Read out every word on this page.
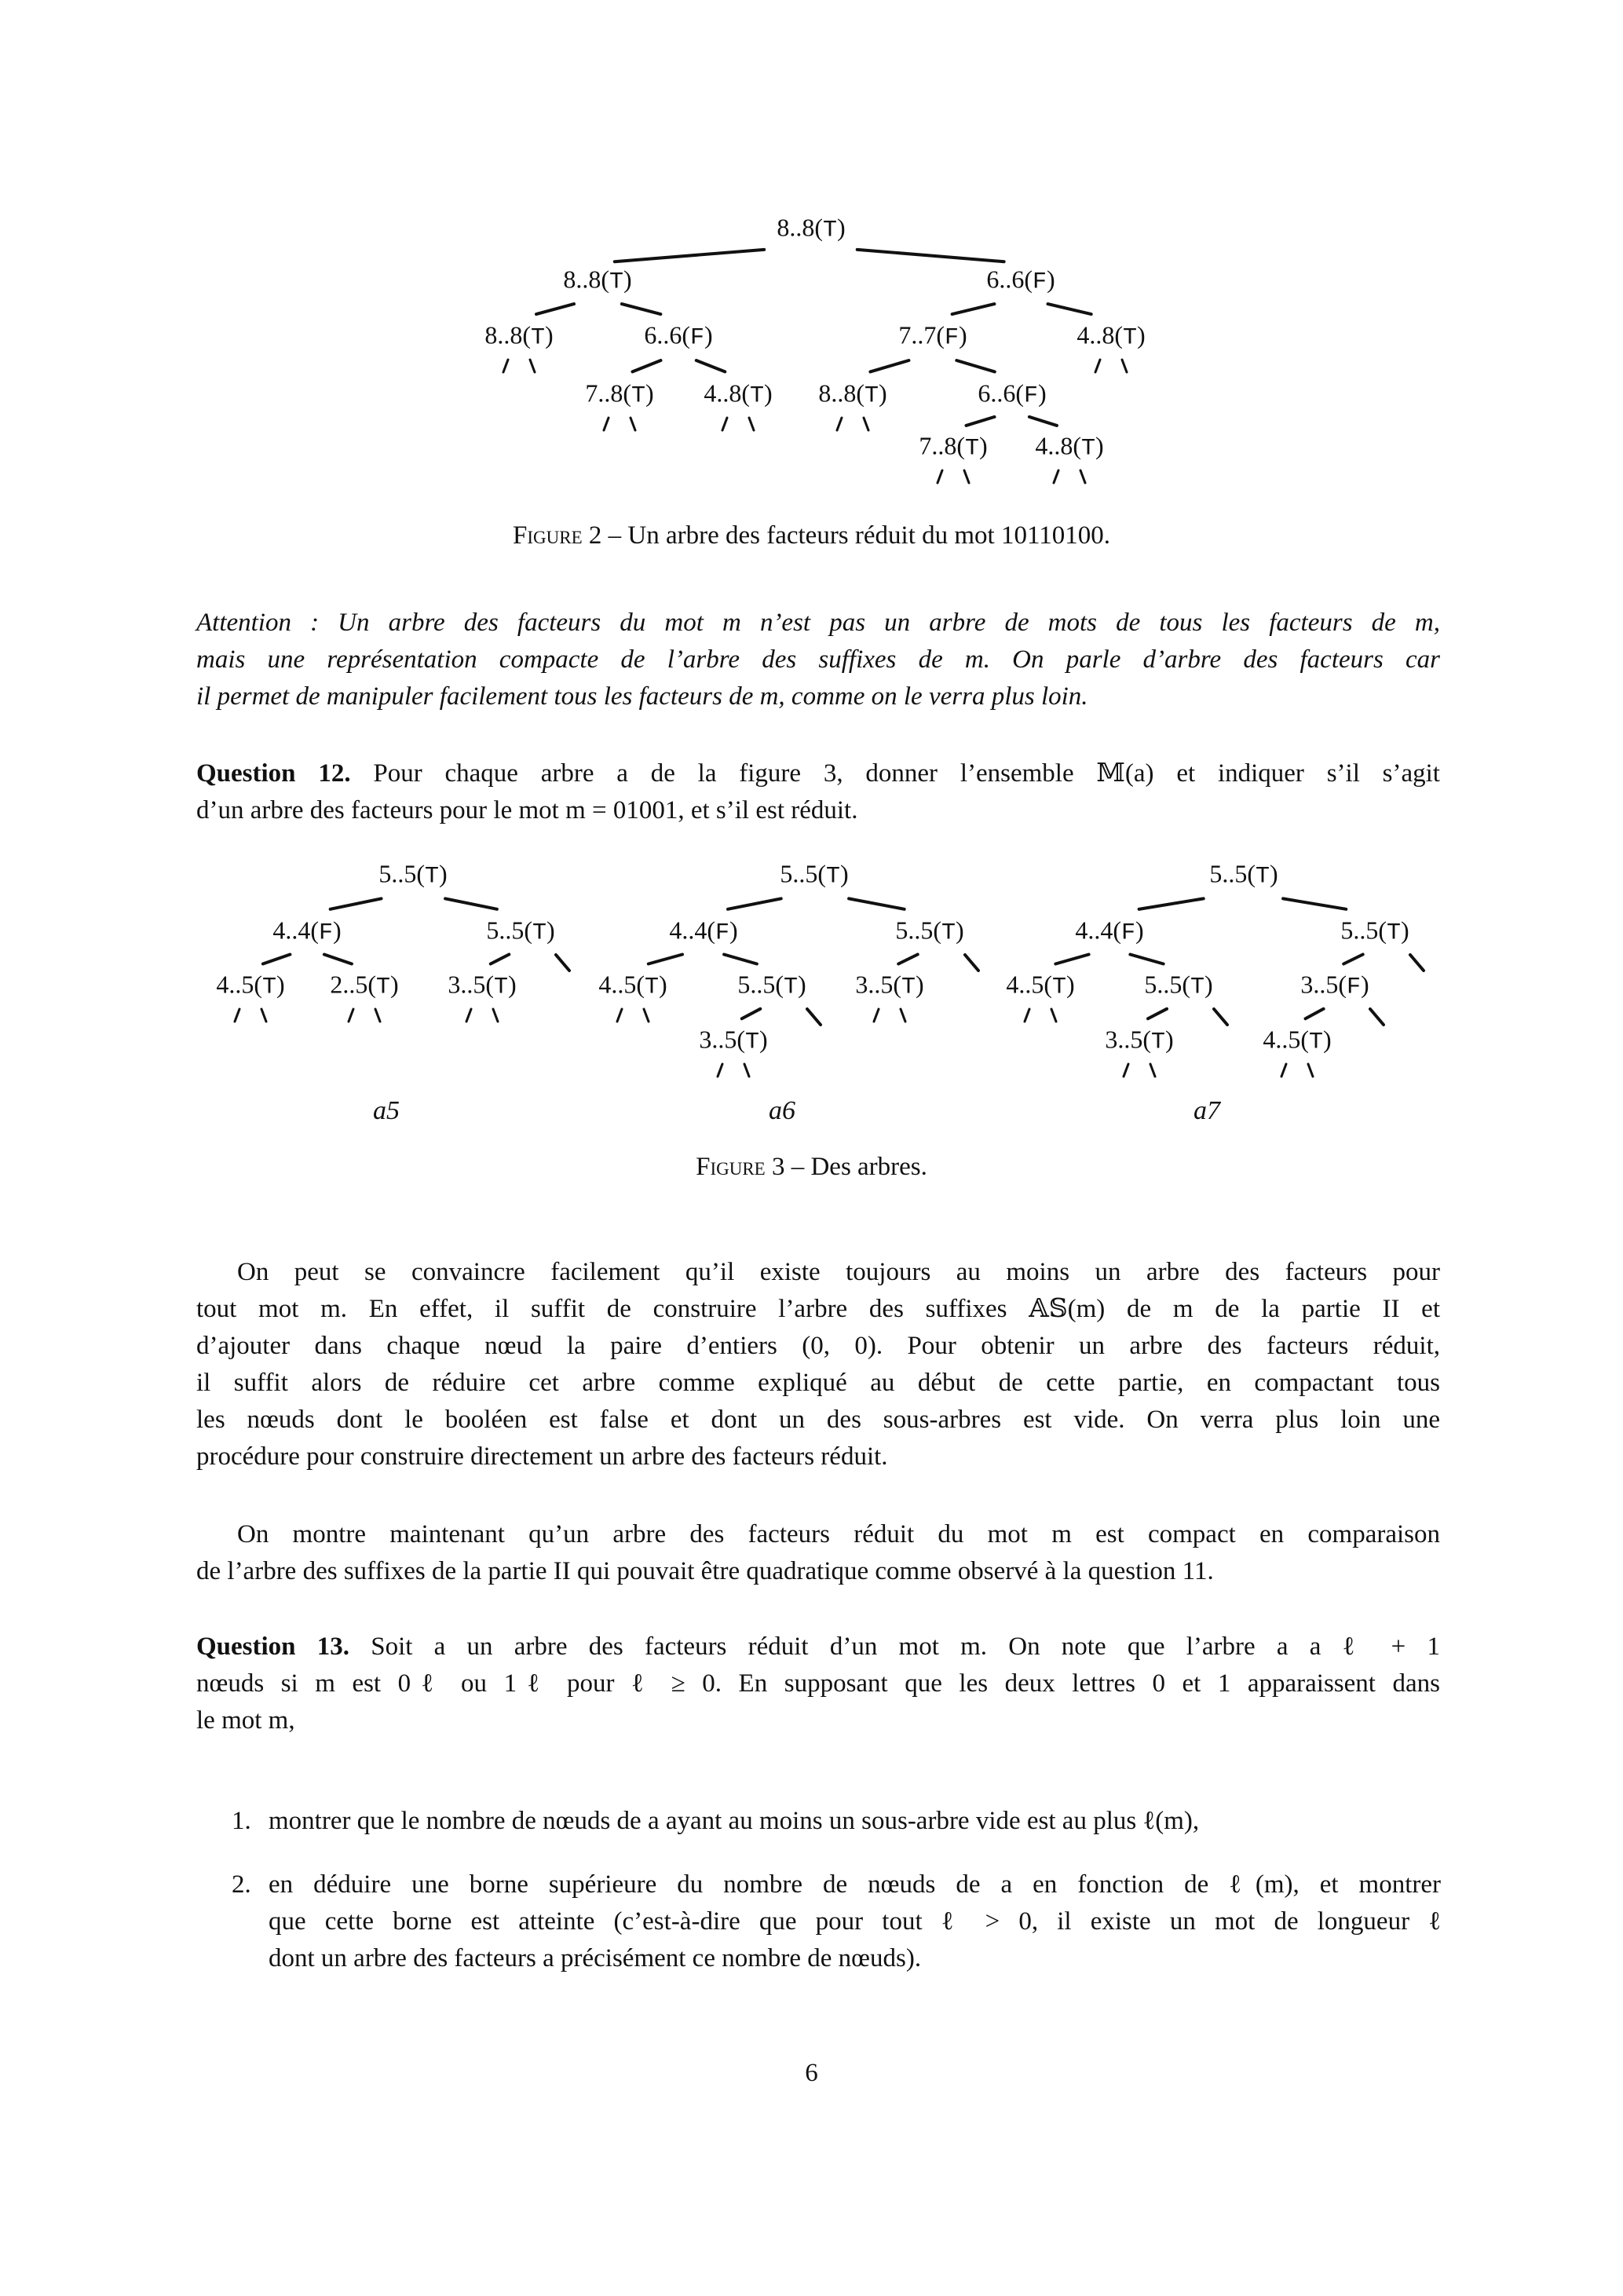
8..8 ( T )
8..8 ( T )	6..6 ( F )
8..8 ( T )	6..6 ( F )	7..7 ( F )	4..8 ( T )
7..8 ( T )	4..8 ( T )	8..8 ( T )	6..6 ( F )
7..8 ( T )	4..8 ( T )
5..5 ( T )
4..4 ( F )	5..5 ( T )
4..5 ( T )	2..5 ( T )	3..5 ( T )
5..5 ( T )
4..4 ( F )	5..5 ( T )
4..5 ( T )	5..5 ( T )	3..5 ( T )
3..5 ( T )
5..5 ( T )
4..4 ( F )	5..5 ( T )
4..5 ( T )	5..5 ( T )	3..5 ( F )
3..5 ( T )	4..5 ( T )
Figure 2 – Un arbre des facteurs réduit du mot 10110100.
Attention : Un arbre des facteurs du mot m n’est pas un arbre de mots de tous les facteurs de m,
mais une représentation compacte de l’arbre des suffixes de m. On parle d’arbre des facteurs car
il permet de manipuler facilement tous les facteurs de m, comme on le verra plus loin.
Question 12. Pour chaque arbre a de la figure 3, donner l’ensemble 𝕄(a) et indiquer s’il s’agit
d’un arbre des facteurs pour le mot m = 01001, et s’il est réduit.
a5	a6	a7
Figure 3 – Des arbres.
On peut se convaincre facilement qu’il existe toujours au moins un arbre des facteurs pour
tout mot m. En effet, il suffit de construire l’arbre des suffixes 𝔸𝕊(m) de m de la partie II et
d’ajouter dans chaque nœud la paire d’entiers (0, 0). Pour obtenir un arbre des facteurs réduit,
il suffit alors de réduire cet arbre comme expliqué au début de cette partie, en compactant tous
les nœuds dont le booléen est false et dont un des sous-arbres est vide. On verra plus loin une
procédure pour construire directement un arbre des facteurs réduit.
On montre maintenant qu’un arbre des facteurs réduit du mot m est compact en comparaison
de l’arbre des suffixes de la partie II qui pouvait être quadratique comme observé à la question 11.
Question 13. Soit a un arbre des facteurs réduit d’un mot m. On note que l’arbre a a ℓ + 1
nœuds si m est 0ℓ ou 1ℓ pour ℓ ≥ 0. En supposant que les deux lettres 0 et 1 apparaissent dans
le mot m,
1. montrer que le nombre de nœuds de a ayant au moins un sous-arbre vide est au plus ℓ(m),
2. en déduire une borne supérieure du nombre de nœuds de a en fonction de ℓ(m), et montrer
que cette borne est atteinte (c’est-à-dire que pour tout ℓ > 0, il existe un mot de longueur ℓ
dont un arbre des facteurs a précisément ce nombre de nœuds).
6
